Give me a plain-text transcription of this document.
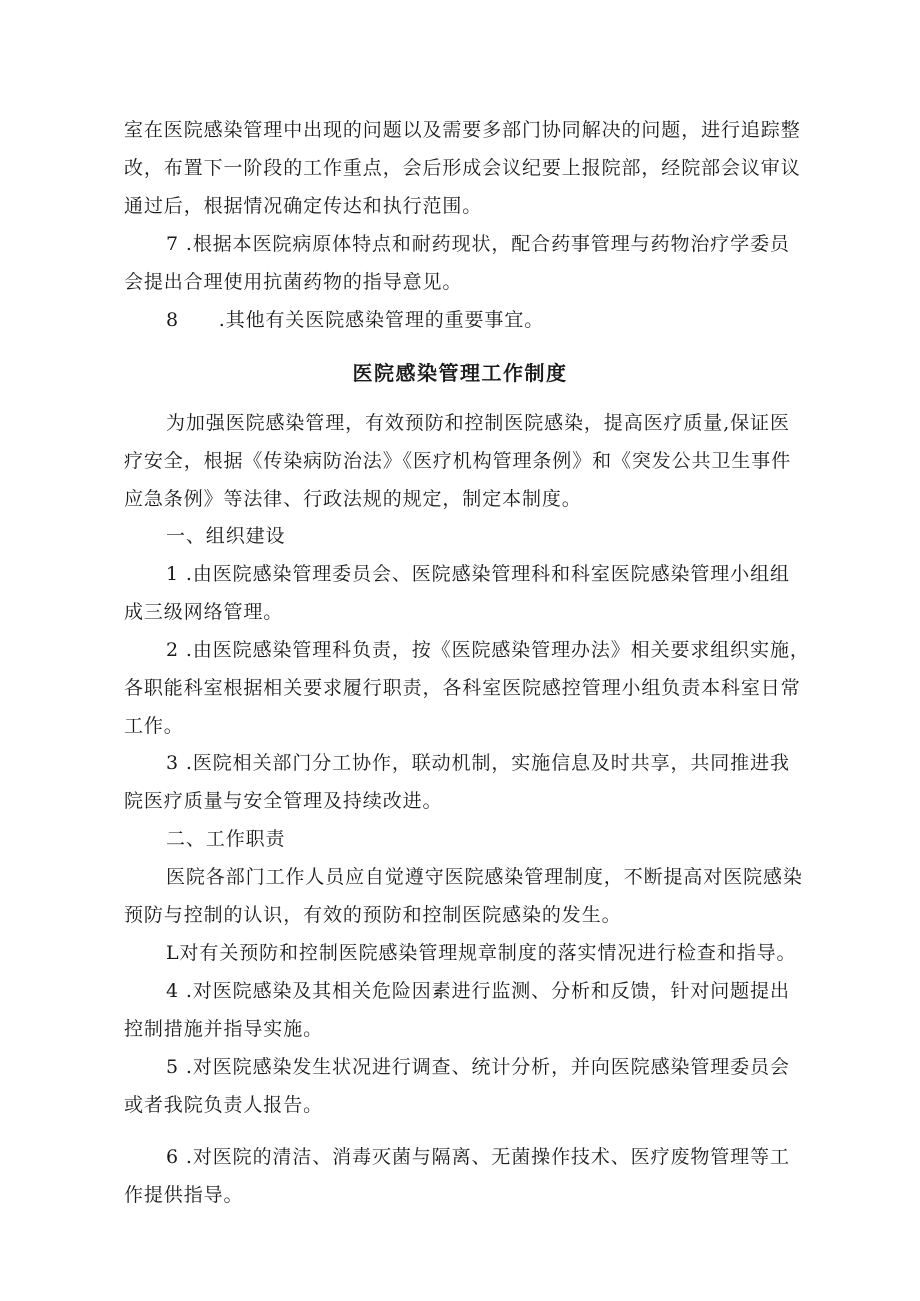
室在医院感染管理中出现的问题以及需要多部门协同解决的问题，进行追踪整
改，布置下一阶段的工作重点，会后形成会议纪要上报院部，经院部会议审议
通过后，根据情况确定传达和执行范围。
7 .根据本医院病原体特点和耐药现状，配合药事管理与药物治疗学委员
会提出合理使用抗菌药物的指导意见。
8　　.其他有关医院感染管理的重要事宜。
医院感染管理工作制度
为加强医院感染管理，有效预防和控制医院感染，提高医疗质量,保证医
疗安全，根据《传染病防治法》《医疗机构管理条例》和《突发公共卫生事件
应急条例》等法律、行政法规的规定，制定本制度。
一、组织建设
1 .由医院感染管理委员会、医院感染管理科和科室医院感染管理小组组
成三级网络管理。
2 .由医院感染管理科负责，按《医院感染管理办法》相关要求组织实施，
各职能科室根据相关要求履行职责，各科室医院感控管理小组负责本科室日常
工作。
3 .医院相关部门分工协作，联动机制，实施信息及时共享，共同推进我
院医疗质量与安全管理及持续改进。
二、工作职责
医院各部门工作人员应自觉遵守医院感染管理制度，不断提高对医院感染
预防与控制的认识，有效的预防和控制医院感染的发生。
L对有关预防和控制医院感染管理规章制度的落实情况进行检查和指导。
4 .对医院感染及其相关危险因素进行监测、分析和反馈，针对问题提出
控制措施并指导实施。
5 .对医院感染发生状况进行调查、统计分析，并向医院感染管理委员会
或者我院负责人报告。
6 .对医院的清洁、消毒灭菌与隔离、无菌操作技术、医疗废物管理等工
作提供指导。
